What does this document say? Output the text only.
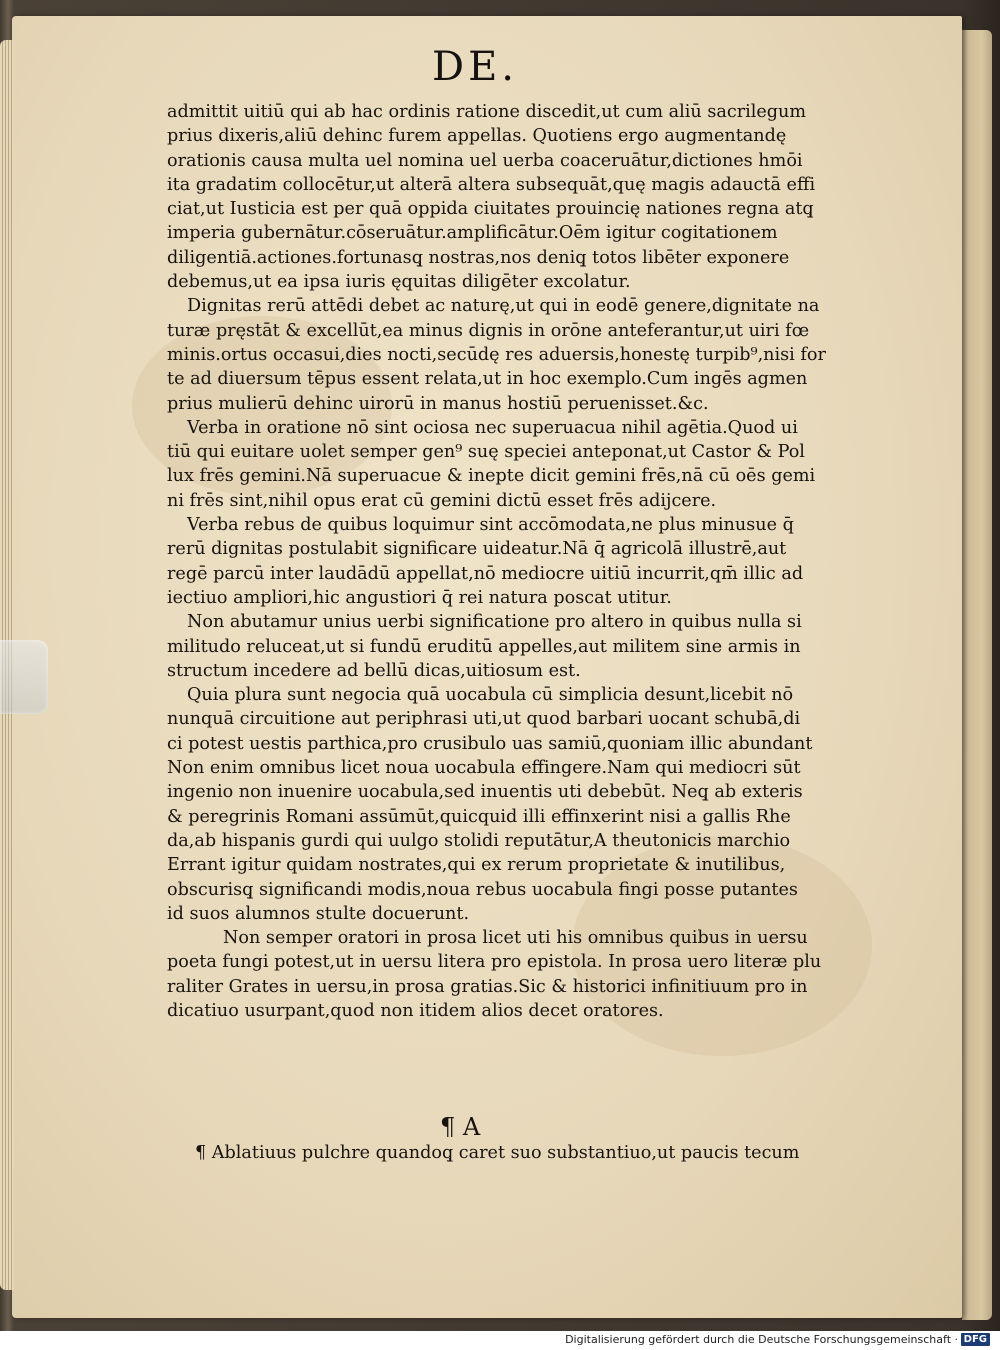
DE.
admittit uitiū qui ab hac ordinis ratione discedit,ut cum aliū sacrilegum
prius dixeris,aliū dehinc furem appellas. Quotiens ergo augmentandę
orationis causa multa uel nomina uel uerba coaceruātur,dictiones hmōi
ita gradatim collocētur,ut alterā altera subsequāt,quę magis adauctā effi
ciat,ut Iusticia est per quā oppida ciuitates prouincię nationes regna atq̧
imperia gubernātur.cōseruātur.amplificātur.Oēm igitur cogitationem
diligentiā.actiones.fortunasq̧ nostras,nos deniq̧ totos libēter exponere
debemus,ut ea ipsa iuris ęquitas diligēter excolatur.
Dignitas rerū attēdi debet ac naturę,ut qui in eodē genere,dignitate na
turæ pręstāt & excellūt,ea minus dignis in orōne anteferantur,ut uiri fœ
minis.ortus occasui,dies nocti,secūdę res aduersis,honestę turpib⁹,nisi for
te ad diuersum tēpus essent relata,ut in hoc exemplo.Cum ingēs agmen
prius mulierū dehinc uirorū in manus hostiū peruenisset.&c.
Verba in oratione nō sint ociosa nec superuacua nihil agētia.Quod ui
tiū qui euitare uolet semper gen⁹ suę speciei anteponat,ut Castor & Pol
lux frēs gemini.Nā superuacue & inepte dicit gemini frēs,nā cū oēs gemi
ni frēs sint,nihil opus erat cū gemini dictū esset frēs adijcere.
Verba rebus de quibus loquimur sint accōmodata,ne plus minusue q̄
rerū dignitas postulabit significare uideatur.Nā q̄ agricolā illustrē,aut
regē parcū inter laudādū appellat,nō mediocre uitiū incurrit,qm̄ illic ad
iectiuo ampliori,hic angustiori q̄ rei natura poscat utitur.
Non abutamur unius uerbi significatione pro altero in quibus nulla si
militudo reluceat,ut si fundū eruditū appelles,aut militem sine armis in
structum incedere ad bellū dicas,uitiosum est.
Quia plura sunt negocia quā uocabula cū simplicia desunt,licebit nō
nunquā circuitione aut periphrasi uti,ut quod barbari uocant schubā,di
ci potest uestis parthica,pro crusibulo uas samiū,quoniam illic abundant
Non enim omnibus licet noua uocabula effingere.Nam qui mediocri sūt
ingenio non inuenire uocabula,sed inuentis uti debebūt. Neq̧ ab exteris
& peregrinis Romani assūmūt,quicquid illi effinxerint nisi a gallis Rhe
da,ab hispanis gurdi qui uulgo stolidi reputātur,A theutonicis marchio
Errant igitur quidam nostrates,qui ex rerum proprietate & inutilibus,
obscurisq̧ significandi modis,noua rebus uocabula fingi posse putantes
id suos alumnos stulte docuerunt.
Non semper oratori in prosa licet uti his omnibus quibus in uersu
poeta fungi potest,ut in uersu litera pro epistola. In prosa uero literæ plu
raliter Grates in uersu,in prosa gratias.Sic & historici infinitiuum pro in
dicatiuo usurpant,quod non itidem alios decet oratores.
¶ A
¶ Ablatiuus pulchre quandoq̧ caret suo substantiuo,ut paucis tecum
Digitalisierung gefördert durch die Deutsche Forschungsgemeinschaft · DFG
